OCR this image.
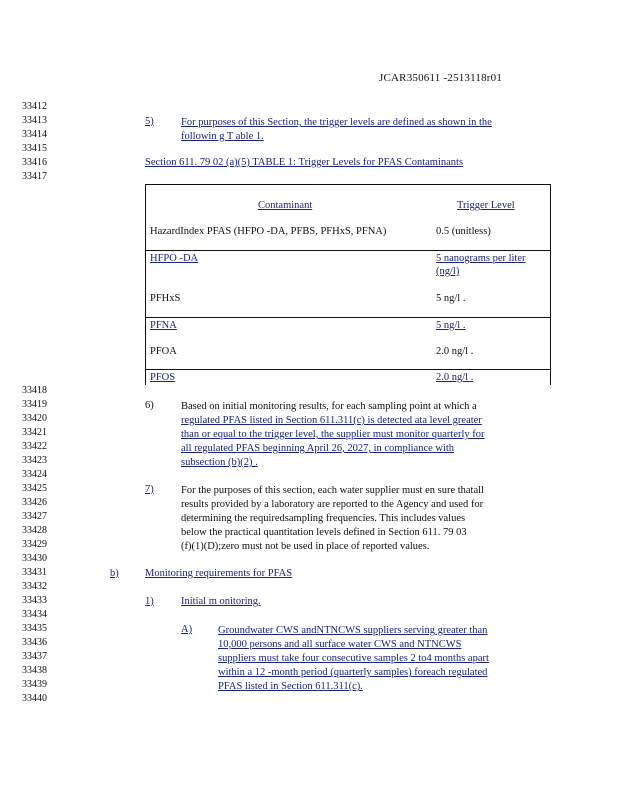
JCAR350611 -2513118r01
33412
33413
33414
33415
33416
33417
33418
33419
33420
33421
33422
33423
33424
33425
33426
33427
33428
33429
33430
33431
33432
33433
33434
33435
33436
33437
33438
33439
33440
5)	For purposes of this Section, the trigger levels are defined as shown in the
followin g T able 1.
Section 611. 79 02 (a)(5) TABLE 1: Trigger Levels for PFAS Contaminants
Contaminant	Trigger Level
HazardIndex PFAS (HFPO -DA, PFBS, PFHxS, PFNA)	0.5 (unitless)
HFPO -DA	5 nanograms per liter
(ng/l)
PFHxS	5 ng/l .
PFNA	5 ng/l .
PFOA	2.0 ng/l .
PFOS	2.0 ng/l .
6)	Based on initial monitoring results, for each sampling point at which a
regulated PFAS listed in Section 611.311(c) is detected ata level greater
than or equal to the trigger level, the supplier must monitor quarterly for
all regulated PFAS beginning April 26, 2027, in compliance with
subsection (b)(2) .
7)	For the purposes of this section, each water supplier must en sure thatall
results provided by a laboratory are reported to the Agency and used for
determining the requiredsampling frequencies. This includes values
below the practical quantitation levels defined in Section 611. 79 03
(f)(1)(D);zero must not be used in place of reported values.
b)	Monitoring requirements for PFAS
1)	Initial m onitoring.
A) Groundwater CWS andNTNCWS suppliers serving greater than
10,000 persons and all surface water CWS and NTNCWS
suppliers must take four consecutive samples 2 to4 months apart
within a 12 -month period (quarterly samples) foreach regulated
PFAS listed in Section 611.311(c).
